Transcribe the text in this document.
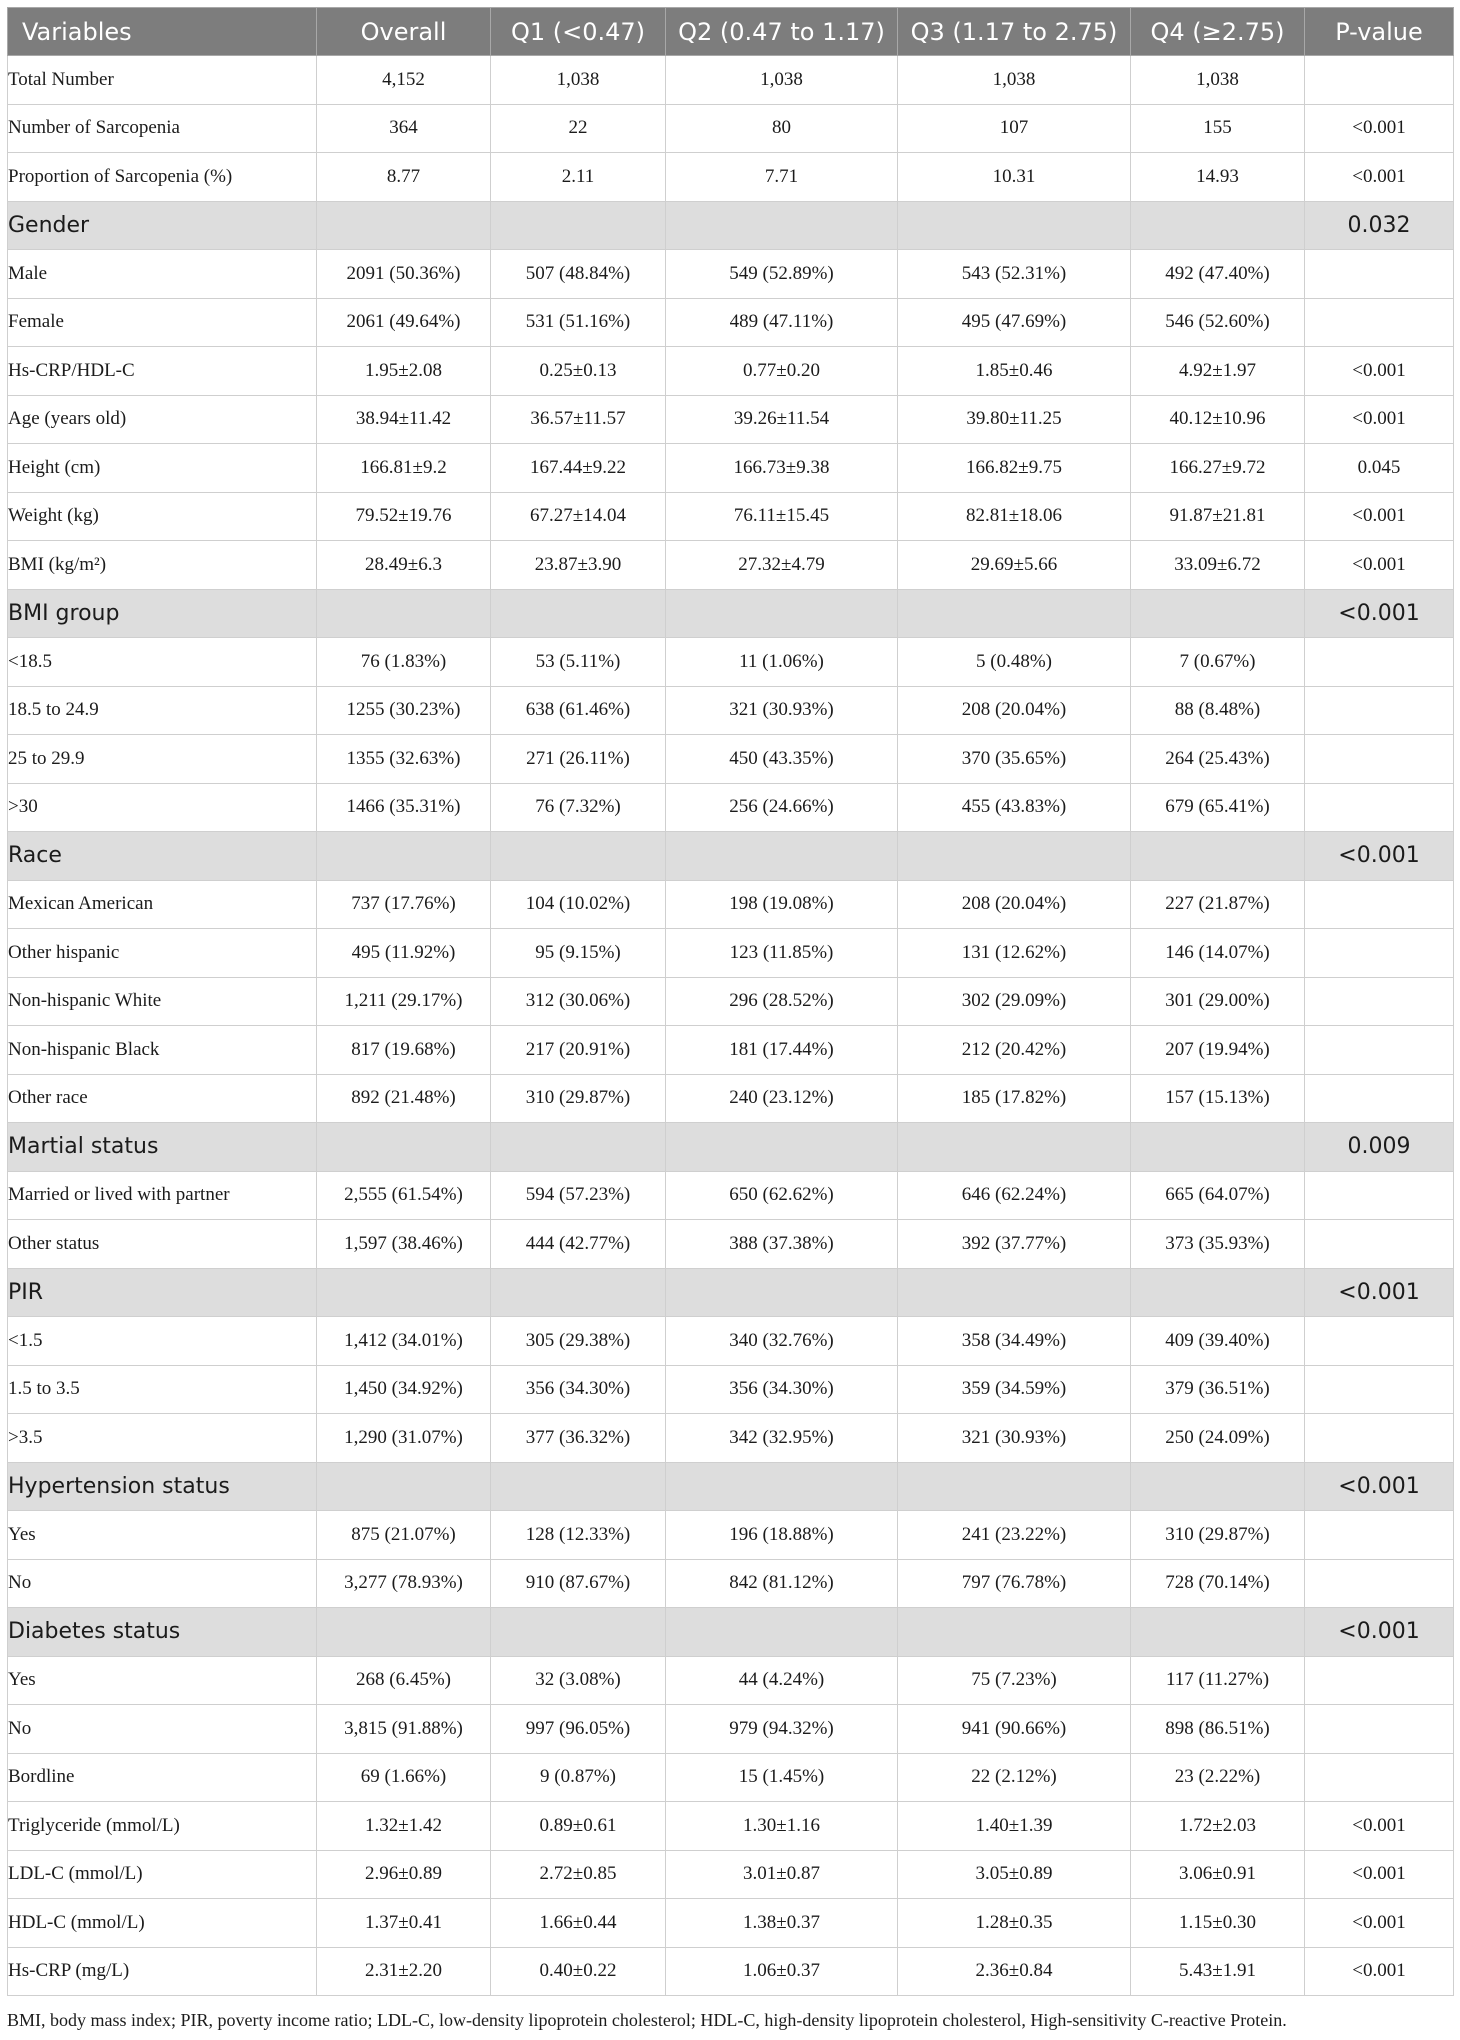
Variables	Overall	Q1 (<0.47)	Q2 (0.47 to 1.17)	Q3 (1.17 to 2.75)	Q4 (≥2.75)	P-value
Total Number	4,152	1,038	1,038	1,038	1,038	
Number of Sarcopenia	364	22	80	107	155	<0.001
Proportion of Sarcopenia (%)	8.77	2.11	7.71	10.31	14.93	<0.001
Gender						0.032
Male	2091 (50.36%)	507 (48.84%)	549 (52.89%)	543 (52.31%)	492 (47.40%)	
Female	2061 (49.64%)	531 (51.16%)	489 (47.11%)	495 (47.69%)	546 (52.60%)	
Hs-CRP/HDL-C	1.95±2.08	0.25±0.13	0.77±0.20	1.85±0.46	4.92±1.97	<0.001
Age (years old)	38.94±11.42	36.57±11.57	39.26±11.54	39.80±11.25	40.12±10.96	<0.001
Height (cm)	166.81±9.2	167.44±9.22	166.73±9.38	166.82±9.75	166.27±9.72	0.045
Weight (kg)	79.52±19.76	67.27±14.04	76.11±15.45	82.81±18.06	91.87±21.81	<0.001
BMI (kg/m²)	28.49±6.3	23.87±3.90	27.32±4.79	29.69±5.66	33.09±6.72	<0.001
BMI group						<0.001
<18.5	76 (1.83%)	53 (5.11%)	11 (1.06%)	5 (0.48%)	7 (0.67%)	
18.5 to 24.9	1255 (30.23%)	638 (61.46%)	321 (30.93%)	208 (20.04%)	88 (8.48%)	
25 to 29.9	1355 (32.63%)	271 (26.11%)	450 (43.35%)	370 (35.65%)	264 (25.43%)	
>30	1466 (35.31%)	76 (7.32%)	256 (24.66%)	455 (43.83%)	679 (65.41%)	
Race						<0.001
Mexican American	737 (17.76%)	104 (10.02%)	198 (19.08%)	208 (20.04%)	227 (21.87%)	
Other hispanic	495 (11.92%)	95 (9.15%)	123 (11.85%)	131 (12.62%)	146 (14.07%)	
Non-hispanic White	1,211 (29.17%)	312 (30.06%)	296 (28.52%)	302 (29.09%)	301 (29.00%)	
Non-hispanic Black	817 (19.68%)	217 (20.91%)	181 (17.44%)	212 (20.42%)	207 (19.94%)	
Other race	892 (21.48%)	310 (29.87%)	240 (23.12%)	185 (17.82%)	157 (15.13%)	
Martial status						0.009
Married or lived with partner	2,555 (61.54%)	594 (57.23%)	650 (62.62%)	646 (62.24%)	665 (64.07%)	
Other status	1,597 (38.46%)	444 (42.77%)	388 (37.38%)	392 (37.77%)	373 (35.93%)	
PIR						<0.001
<1.5	1,412 (34.01%)	305 (29.38%)	340 (32.76%)	358 (34.49%)	409 (39.40%)	
1.5 to 3.5	1,450 (34.92%)	356 (34.30%)	356 (34.30%)	359 (34.59%)	379 (36.51%)	
>3.5	1,290 (31.07%)	377 (36.32%)	342 (32.95%)	321 (30.93%)	250 (24.09%)	
Hypertension status						<0.001
Yes	875 (21.07%)	128 (12.33%)	196 (18.88%)	241 (23.22%)	310 (29.87%)	
No	3,277 (78.93%)	910 (87.67%)	842 (81.12%)	797 (76.78%)	728 (70.14%)	
Diabetes status						<0.001
Yes	268 (6.45%)	32 (3.08%)	44 (4.24%)	75 (7.23%)	117 (11.27%)	
No	3,815 (91.88%)	997 (96.05%)	979 (94.32%)	941 (90.66%)	898 (86.51%)	
Bordline	69 (1.66%)	9 (0.87%)	15 (1.45%)	22 (2.12%)	23 (2.22%)	
Triglyceride (mmol/L)	1.32±1.42	0.89±0.61	1.30±1.16	1.40±1.39	1.72±2.03	<0.001
LDL-C (mmol/L)	2.96±0.89	2.72±0.85	3.01±0.87	3.05±0.89	3.06±0.91	<0.001
HDL-C (mmol/L)	1.37±0.41	1.66±0.44	1.38±0.37	1.28±0.35	1.15±0.30	<0.001
Hs-CRP (mg/L)	2.31±2.20	0.40±0.22	1.06±0.37	2.36±0.84	5.43±1.91	<0.001
BMI, body mass index; PIR, poverty income ratio; LDL-C, low-density lipoprotein cholesterol; HDL-C, high-density lipoprotein cholesterol, High-sensitivity C-reactive Protein.
